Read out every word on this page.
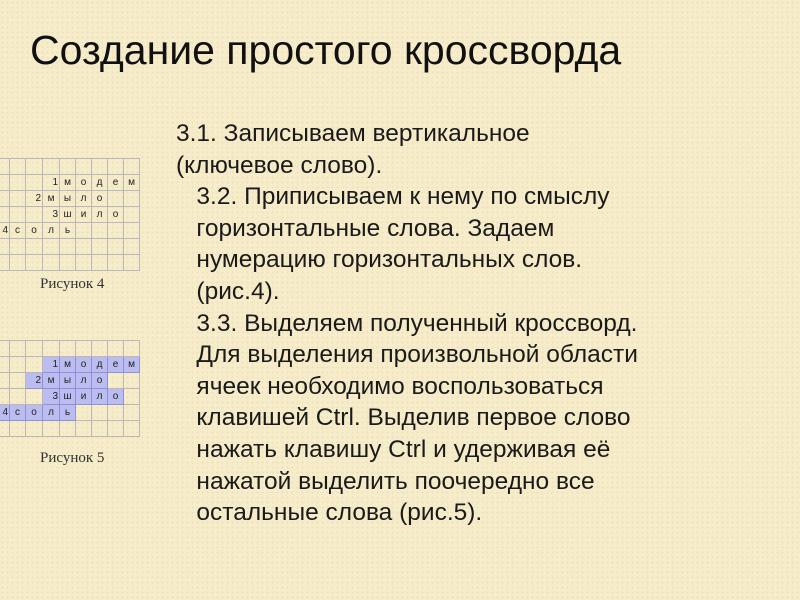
Создание простого кроссворда
3.1. Записываем вертикальное
(ключевое слово).
3.2. Приписываем к нему по смыслу
горизонтальные слова. Задаем
нумерацию горизонтальных слов.
(рис.4).
3.3. Выделяем полученный кроссворд.
Для выделения произвольной области
ячеек необходимо воспользоваться
клавишей Ctrl. Выделив первое слово
нажать клавишу Ctrl и удерживая её
нажатой выделить поочередно все
остальные слова (рис.5).

			1	м	о	д	е	м
		2	м	ы	л	о		
			3	ш	и	л	о	
4	с	о	л	ь				

Рисунок 4

			1	м	о	д	е	м
		2	м	ы	л	о		
			3	ш	и	л	о	
4	с	о	л	ь				

Рисунок 5
